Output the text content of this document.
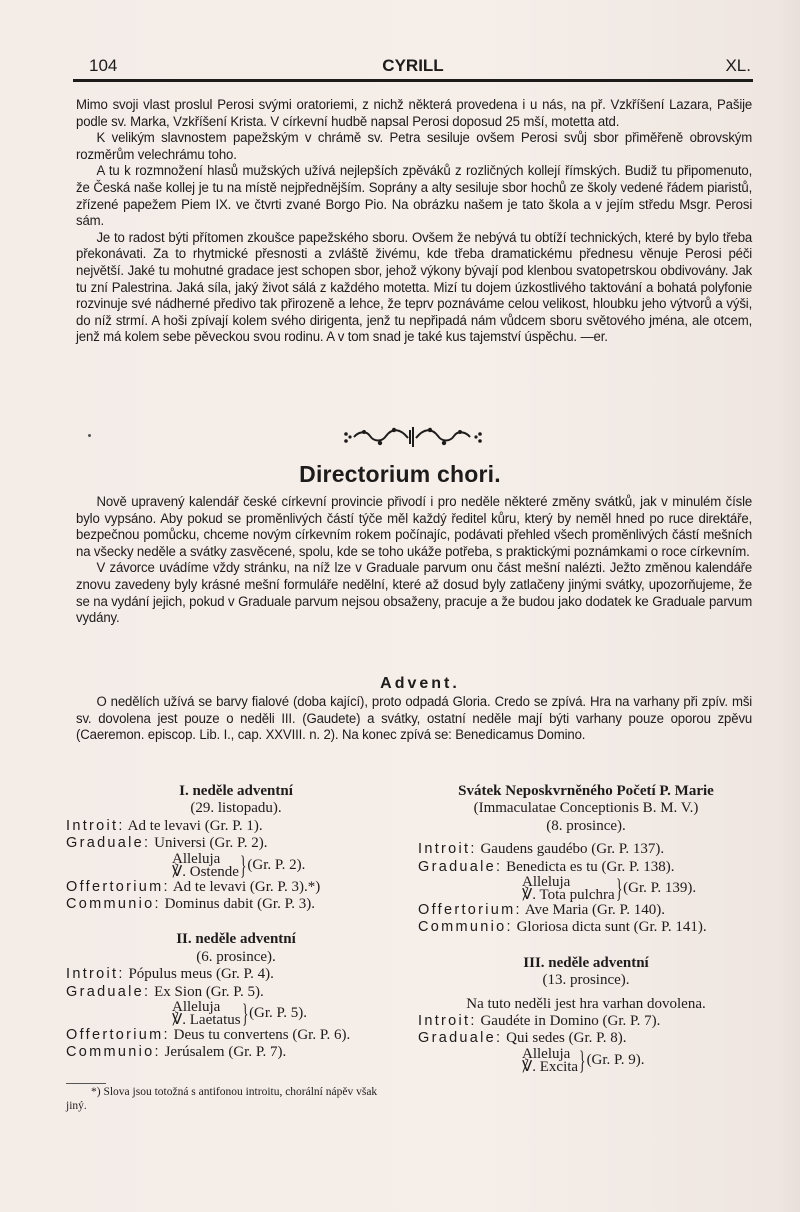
104	CYRILL	XL.

Mimo svoji vlast proslul Perosi svými oratoriemi, z nichž některá provedena i u nás, na př. Vzkříšení Lazara, Pašije podle sv. Marka, Vzkříšení Krista. V církevní hudbě napsal Perosi doposud 25 mší, motetta atd.

K velikým slavnostem papežským v chrámě sv. Petra sesiluje ovšem Perosi svůj sbor přiměřeně obrovským rozměrům velechrámu toho.

A tu k rozmnožení hlasů mužských užívá nejlepších zpěváků z rozličných kollejí římských. Budiž tu připomenuto, že Česká naše kollej je tu na místě nejpřednějším. Soprány a alty sesiluje sbor hochů ze školy vedené řádem piaristů, zřízené papežem Piem IX. ve čtvrti zvané Borgo Pio. Na obrázku našem je tato škola a v jejím středu Msgr. Perosi sám.

Je to radost býti přítomen zkoušce papežského sboru. Ovšem že nebývá tu obtíží technických, které by bylo třeba překonávati. Za to rhytmické přesnosti a zvláště živému, kde třeba dramatickému přednesu věnuje Perosi péči největší. Jaké tu mohutné gradace jest schopen sbor, jehož výkony bývají pod klenbou svatopetrskou obdivovány. Jak tu zní Palestrina. Jaká síla, jaký život sálá z každého motetta. Mizí tu dojem úzkostlivého taktování a bohatá polyfonie rozvinuje své nádherné předivo tak přirozeně a lehce, že teprv poznáváme celou velikost, hloubku jeho výtvorů a výši, do níž strmí. A hoši zpívají kolem svého dirigenta, jenž tu nepřipadá nám vůdcem sboru světového jména, ale otcem, jenž má kolem sebe pěveckou svou rodinu. A v tom snad je také kus tajemství úspěchu. —er.

Directorium chori.

Nově upravený kalendář české církevní provincie přivodí i pro neděle některé změny svátků, jak v minulém čísle bylo vypsáno. Aby pokud se proměnlivých částí týče měl každý ředitel kůru, který by neměl hned po ruce direktáře, bezpečnou pomůcku, chceme novým církevním rokem počínajíc, podávati přehled všech proměnlivých částí mešních na všecky neděle a svátky zasvěcené, spolu, kde se toho ukáže potřeba, s praktickými poznámkami o roce církevním.

V závorce uvádíme vždy stránku, na níž lze v Graduale parvum onu část mešní nalézti. Ježto změnou kalendáře znovu zavedeny byly krásné mešní formuláře nedělní, které až dosud byly zatlačeny jinými svátky, upozorňujeme, že se na vydání jejich, pokud v Graduale parvum nejsou obsaženy, pracuje a že budou jako dodatek ke Graduale parvum vydány.

Advent.

O nedělích užívá se barvy fialové (doba kající), proto odpadá Gloria. Credo se zpívá. Hra na varhany při zpív. mši sv. dovolena jest pouze o neděli III. (Gaudete) a svátky, ostatní neděle mají býti varhany pouze oporou zpěvu (Caeremon. episcop. Lib. I., cap. XXVIII. n. 2). Na konec zpívá se: Benedicamus Domino.

I. neděle adventní
(29. listopadu).
Introit: Ad te levavi (Gr. P. 1).
Graduale: Universi (Gr. P. 2).
Alleluja
℣. Ostende } (Gr. P. 2).
Offertorium: Ad te levavi (Gr. P. 3).*)
Communio: Dominus dabit (Gr. P. 3).
II. neděle adventní
(6. prosince).
Introit: Pópulus meus (Gr. P. 4).
Graduale: Ex Sion (Gr. P. 5).
Alleluja
℣. Laetatus } (Gr. P. 5).
Offertorium: Deus tu convertens (Gr. P. 6).
Communio: Jerúsalem (Gr. P. 7).

*) Slova jsou totožná s antifonou introitu, chorální nápěv však jiný.

Svátek Neposkvrněného Početí P. Marie
(Immaculatae Conceptionis B. M. V.)
(8. prosince).
Introit: Gaudens gaudébo (Gr. P. 137).
Graduale: Benedicta es tu (Gr. P. 138).
Alleluja
℣. Tota pulchra } (Gr. P. 139).
Offertorium: Ave Maria (Gr. P. 140).
Communio: Gloriosa dicta sunt (Gr. P. 141).
III. neděle adventní
(13. prosince).
Na tuto neděli jest hra varhan dovolena.
Introit: Gaudéte in Domino (Gr. P. 7).
Graduale: Qui sedes (Gr. P. 8).
Alleluja
℣. Excita } (Gr. P. 9).
